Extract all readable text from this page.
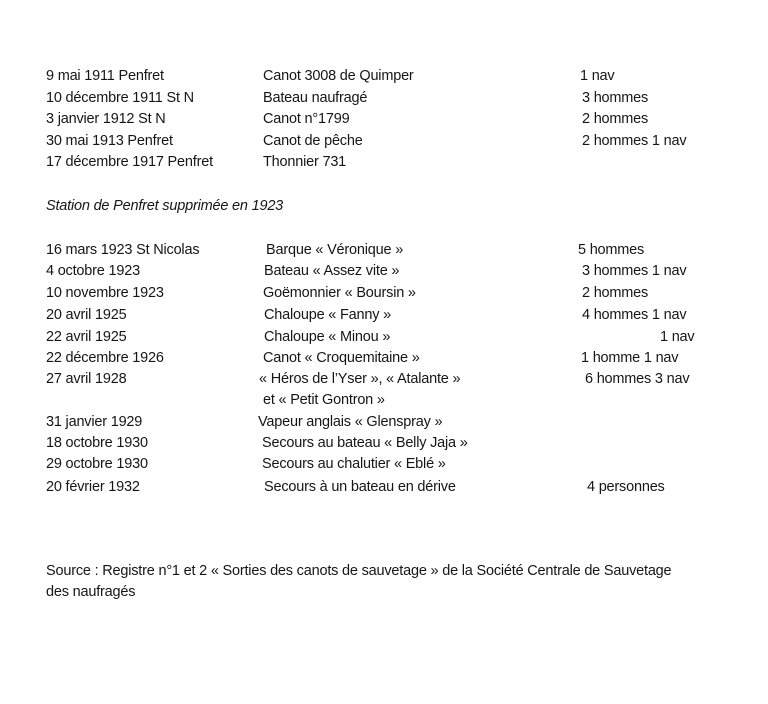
Station de Penfret supprimée en 1923
Source : Registre n°1 et 2 « Sorties des canots de sauvetage » de la Société Centrale de Sauvetage
des naufragés
9 mai 1911 Penfret	Canot 3008 de Quimper	1 nav
10 décembre 1911 St N	Bateau naufragé	3 hommes
3 janvier 1912 St N	Canot n°1799	2 hommes
30 mai 1913 Penfret	Canot de pêche	2 hommes 1 nav
17 décembre 1917 Penfret	Thonnier 731
16 mars 1923 St Nicolas	Barque « Véronique »	5 hommes
4 octobre 1923	Bateau « Assez vite »	3 hommes 1 nav
10 novembre 1923	Goëmonnier « Boursin »	2 hommes
20 avril 1925	Chaloupe « Fanny »	4 hommes 1 nav
22 avril 1925	Chaloupe « Minou »	1 nav
22 décembre 1926	Canot « Croquemitaine »	1 homme 1 nav
27 avril 1928	« Héros de l’Yser », « Atalante »	6 hommes 3 nav
et « Petit Gontron »
31 janvier 1929	Vapeur anglais « Glenspray »
18 octobre 1930	Secours au bateau « Belly Jaja »
29 octobre 1930	Secours au chalutier « Eblé »
20 février 1932	Secours à un bateau en dérive	4 personnes
